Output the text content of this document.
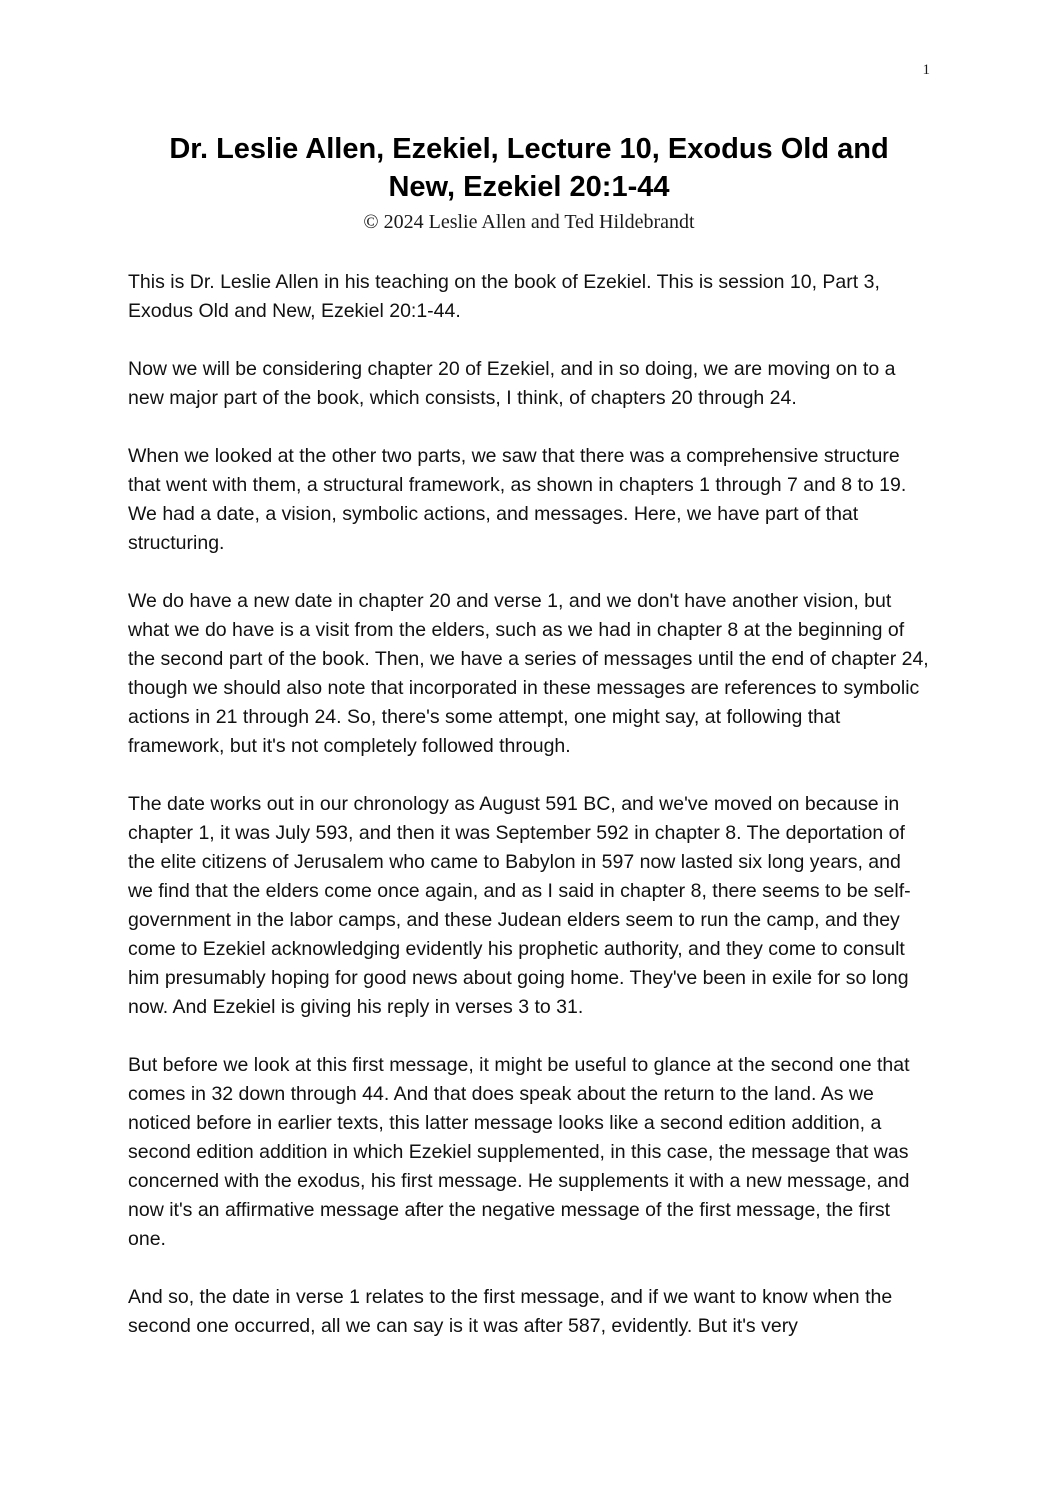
1
Dr. Leslie Allen, Ezekiel, Lecture 10, Exodus Old and New, Ezekiel 20:1-44
© 2024 Leslie Allen and Ted Hildebrandt

This is Dr. Leslie Allen in his teaching on the book of Ezekiel. This is session 10, Part 3, Exodus Old and New, Ezekiel 20:1-44.

Now we will be considering chapter 20 of Ezekiel, and in so doing, we are moving on to a new major part of the book, which consists, I think, of chapters 20 through 24.

When we looked at the other two parts, we saw that there was a comprehensive structure that went with them, a structural framework, as shown in chapters 1 through 7 and 8 to 19. We had a date, a vision, symbolic actions, and messages. Here, we have part of that structuring.

We do have a new date in chapter 20 and verse 1, and we don't have another vision, but what we do have is a visit from the elders, such as we had in chapter 8 at the beginning of the second part of the book. Then, we have a series of messages until the end of chapter 24, though we should also note that incorporated in these messages are references to symbolic actions in 21 through 24. So, there's some attempt, one might say, at following that framework, but it's not completely followed through.

The date works out in our chronology as August 591 BC, and we've moved on because in chapter 1, it was July 593, and then it was September 592 in chapter 8. The deportation of the elite citizens of Jerusalem who came to Babylon in 597 now lasted six long years, and we find that the elders come once again, and as I said in chapter 8, there seems to be self-government in the labor camps, and these Judean elders seem to run the camp, and they come to Ezekiel acknowledging evidently his prophetic authority, and they come to consult him presumably hoping for good news about going home. They've been in exile for so long now. And Ezekiel is giving his reply in verses 3 to 31.

But before we look at this first message, it might be useful to glance at the second one that comes in 32 down through 44. And that does speak about the return to the land. As we noticed before in earlier texts, this latter message looks like a second edition addition, a second edition addition in which Ezekiel supplemented, in this case, the message that was concerned with the exodus, his first message. He supplements it with a new message, and now it's an affirmative message after the negative message of the first message, the first one.

And so, the date in verse 1 relates to the first message, and if we want to know when the second one occurred, all we can say is it was after 587, evidently. But it's very
